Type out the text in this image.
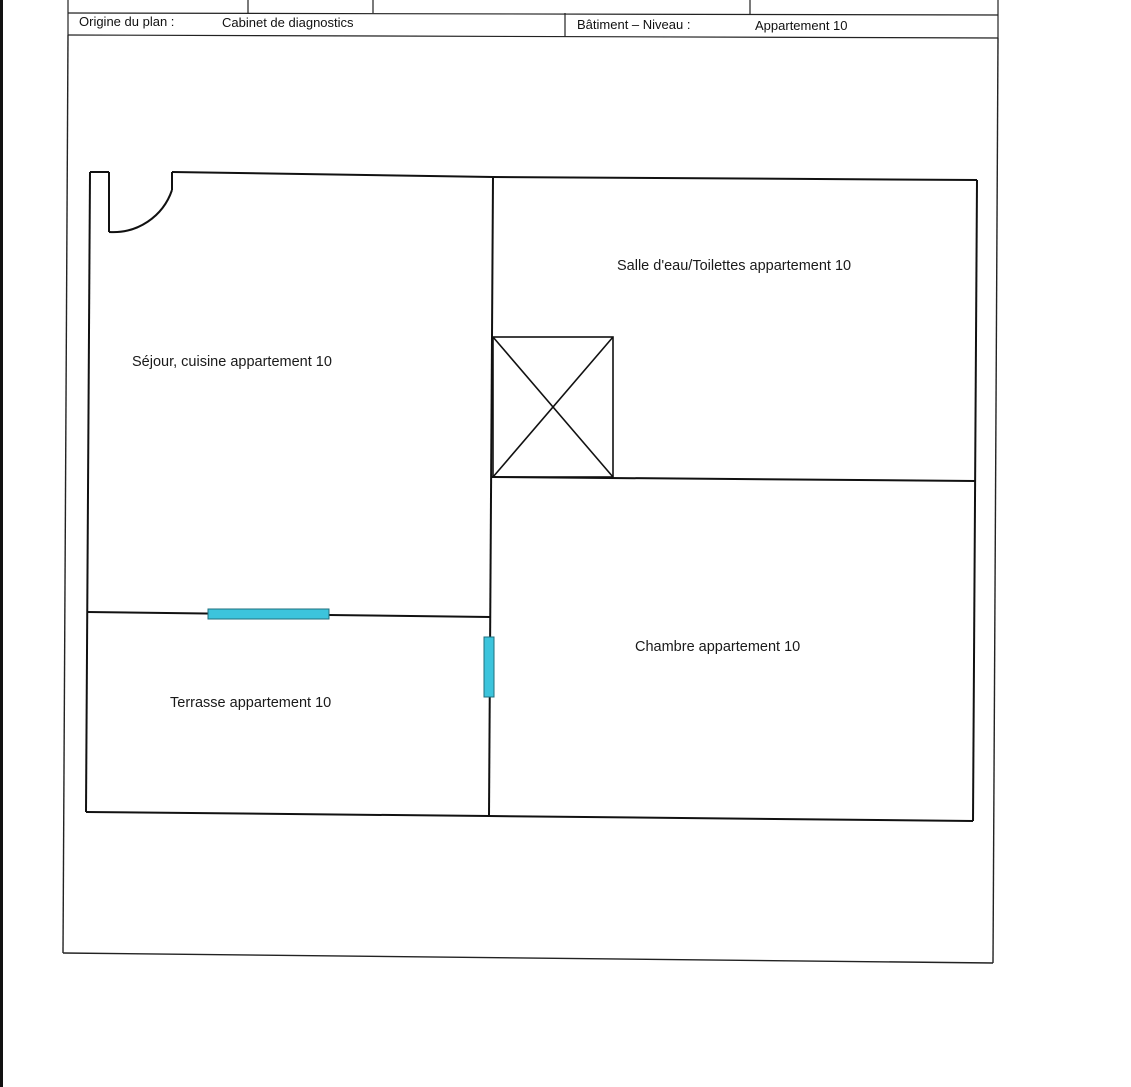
Origine du plan :	Cabinet de diagnostics	Bâtiment – Niveau :	Appartement 10
Séjour, cuisine appartement 10
Salle d'eau/Toilettes appartement 10
Chambre appartement 10
Terrasse appartement 10
